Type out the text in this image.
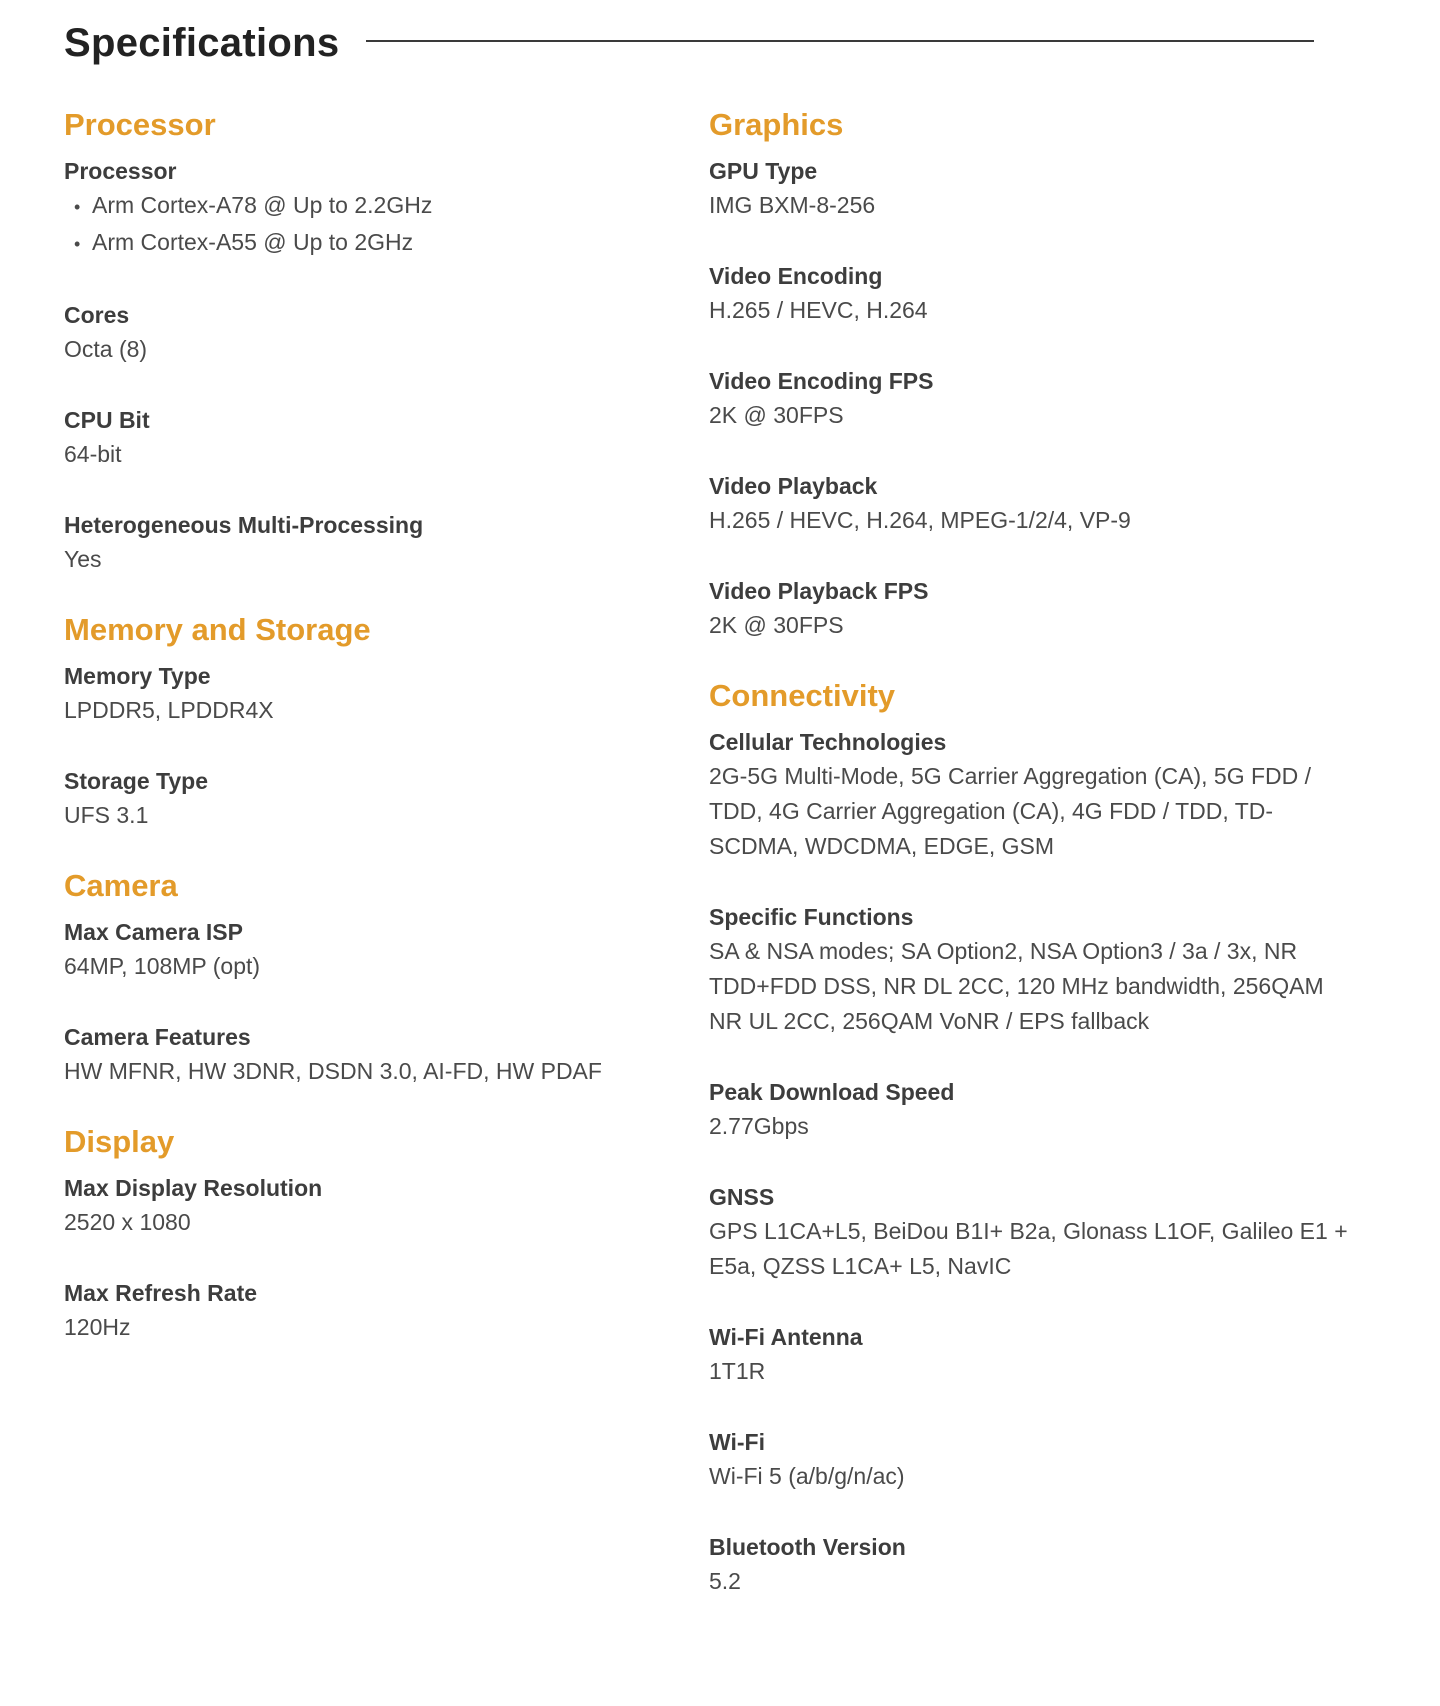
Specifications
Processor
Processor
• Arm Cortex-A78 @ Up to 2.2GHz
• Arm Cortex-A55 @ Up to 2GHz
Cores
Octa (8)
CPU Bit
64-bit
Heterogeneous Multi-Processing
Yes
Memory and Storage
Memory Type
LPDDR5, LPDDR4X
Storage Type
UFS 3.1
Camera
Max Camera ISP
64MP, 108MP (opt)
Camera Features
HW MFNR, HW 3DNR, DSDN 3.0, AI-FD, HW PDAF
Display
Max Display Resolution
2520 x 1080
Max Refresh Rate
120Hz
Graphics
GPU Type
IMG BXM-8-256
Video Encoding
H.265 / HEVC, H.264
Video Encoding FPS
2K @ 30FPS
Video Playback
H.265 / HEVC, H.264, MPEG-1/2/4, VP-9
Video Playback FPS
2K @ 30FPS
Connectivity
Cellular Technologies
2G-5G Multi-Mode, 5G Carrier Aggregation (CA), 5G FDD / TDD, 4G Carrier Aggregation (CA), 4G FDD / TDD, TD-SCDMA, WDCDMA, EDGE, GSM
Specific Functions
SA & NSA modes; SA Option2, NSA Option3 / 3a / 3x, NR TDD+FDD DSS, NR DL 2CC, 120 MHz bandwidth, 256QAM NR UL 2CC, 256QAM VoNR / EPS fallback
Peak Download Speed
2.77Gbps
GNSS
GPS L1CA+L5, BeiDou B1I+ B2a, Glonass L1OF, Galileo E1 + E5a, QZSS L1CA+ L5, NavIC
Wi-Fi Antenna
1T1R
Wi-Fi
Wi-Fi 5 (a/b/g/n/ac)
Bluetooth Version
5.2
